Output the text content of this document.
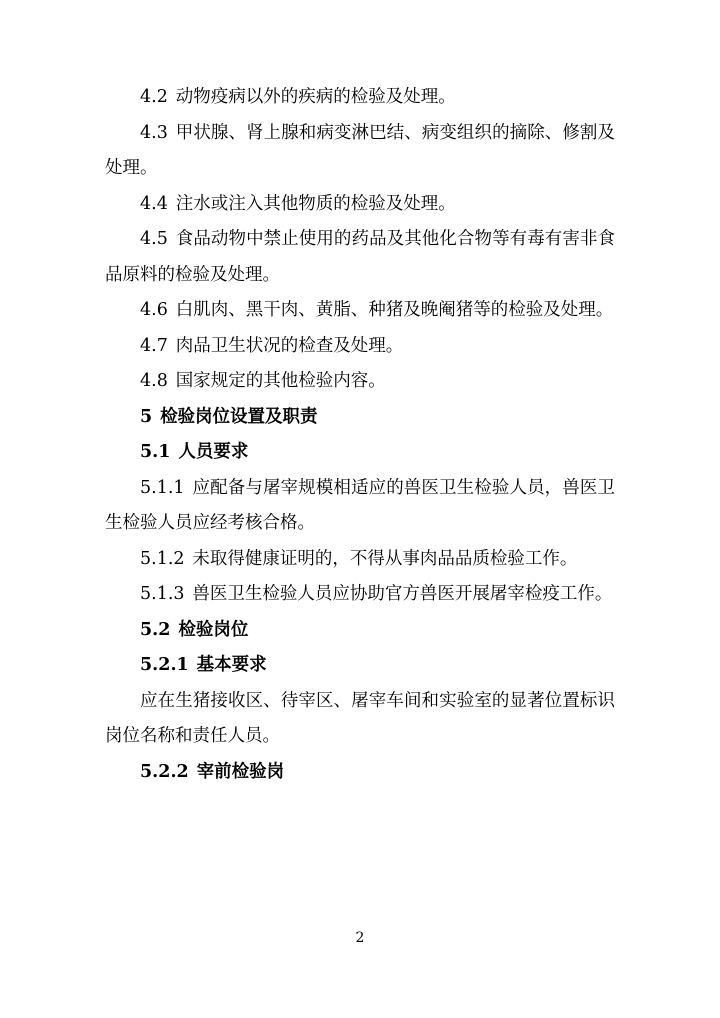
4.2 动物疫病以外的疾病的检验及处理。

4.3 甲状腺、肾上腺和病变淋巴结、病变组织的摘除、修割及处理。

4.4 注水或注入其他物质的检验及处理。

4.5 食品动物中禁止使用的药品及其他化合物等有毒有害非食品原料的检验及处理。

4.6 白肌肉、黑干肉、黄脂、种猪及晚阉猪等的检验及处理。

4.7 肉品卫生状况的检查及处理。

4.8 国家规定的其他检验内容。

5 检验岗位设置及职责

5.1 人员要求

5.1.1 应配备与屠宰规模相适应的兽医卫生检验人员，兽医卫生检验人员应经考核合格。

5.1.2 未取得健康证明的，不得从事肉品品质检验工作。

5.1.3 兽医卫生检验人员应协助官方兽医开展屠宰检疫工作。

5.2 检验岗位

5.2.1 基本要求

应在生猪接收区、待宰区、屠宰车间和实验室的显著位置标识岗位名称和责任人员。

5.2.2 宰前检验岗

2
